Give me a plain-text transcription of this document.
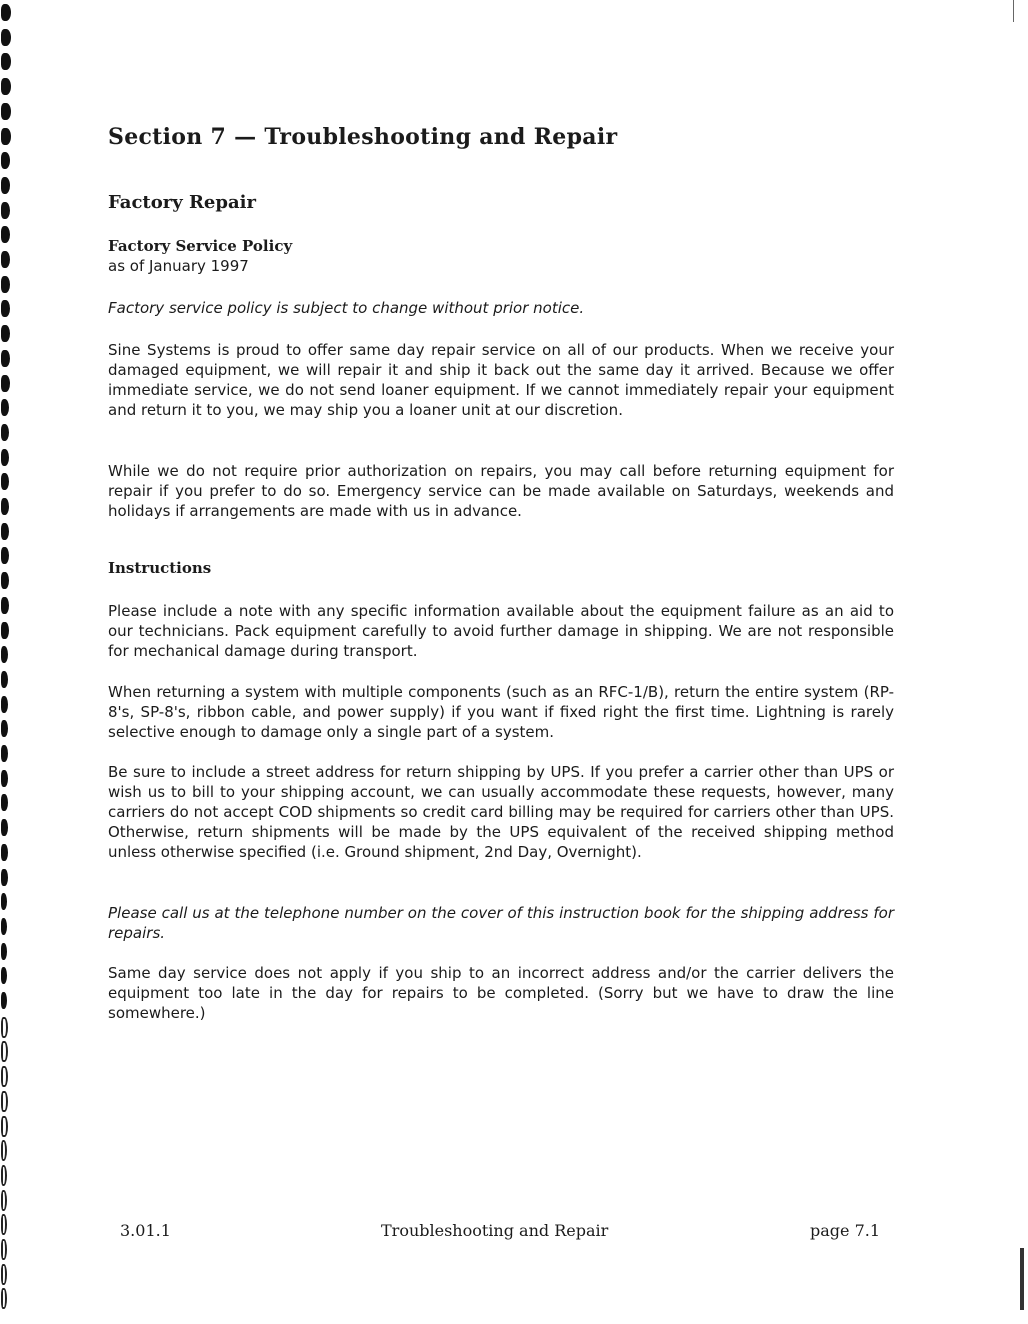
Section 7 — Troubleshooting and Repair
Factory Repair
Factory Service Policy

as of January 1997

Factory service policy is subject to change without prior notice.

Sine Systems is proud to offer same day repair service on all of our products. When we receive your damaged equipment, we will repair it and ship it back out the same day it arrived. Because we offer immediate service, we do not send loaner equipment. If we cannot immediately repair your equipment and return it to you, we may ship you a loaner unit at our discretion.

While we do not require prior authorization on repairs, you may call before returning equipment for repair if you prefer to do so. Emergency service can be made available on Saturdays, weekends and holidays if arrangements are made with us in advance.

Instructions

Please include a note with any specific information available about the equipment failure as an aid to our technicians. Pack equipment carefully to avoid further damage in shipping. We are not responsible for mechanical damage during transport.

When returning a system with multiple components (such as an RFC-1/B), return the entire system (RP-8's, SP-8's, ribbon cable, and power supply) if you want if fixed right the first time. Lightning is rarely selective enough to damage only a single part of a system.

Be sure to include a street address for return shipping by UPS. If you prefer a carrier other than UPS or wish us to bill to your shipping account, we can usually accommodate these requests, however, many carriers do not accept COD shipments so credit card billing may be required for carriers other than UPS. Otherwise, return shipments will be made by the UPS equivalent of the received shipping method unless otherwise specified (i.e. Ground shipment, 2nd Day, Overnight).

Please call us at the telephone number on the cover of this instruction book for the shipping address for repairs.

Same day service does not apply if you ship to an incorrect address and/or the carrier delivers the equipment too late in the day for repairs to be completed. (Sorry but we have to draw the line somewhere.)

3.01.1	Troubleshooting and Repair	page 7.1
